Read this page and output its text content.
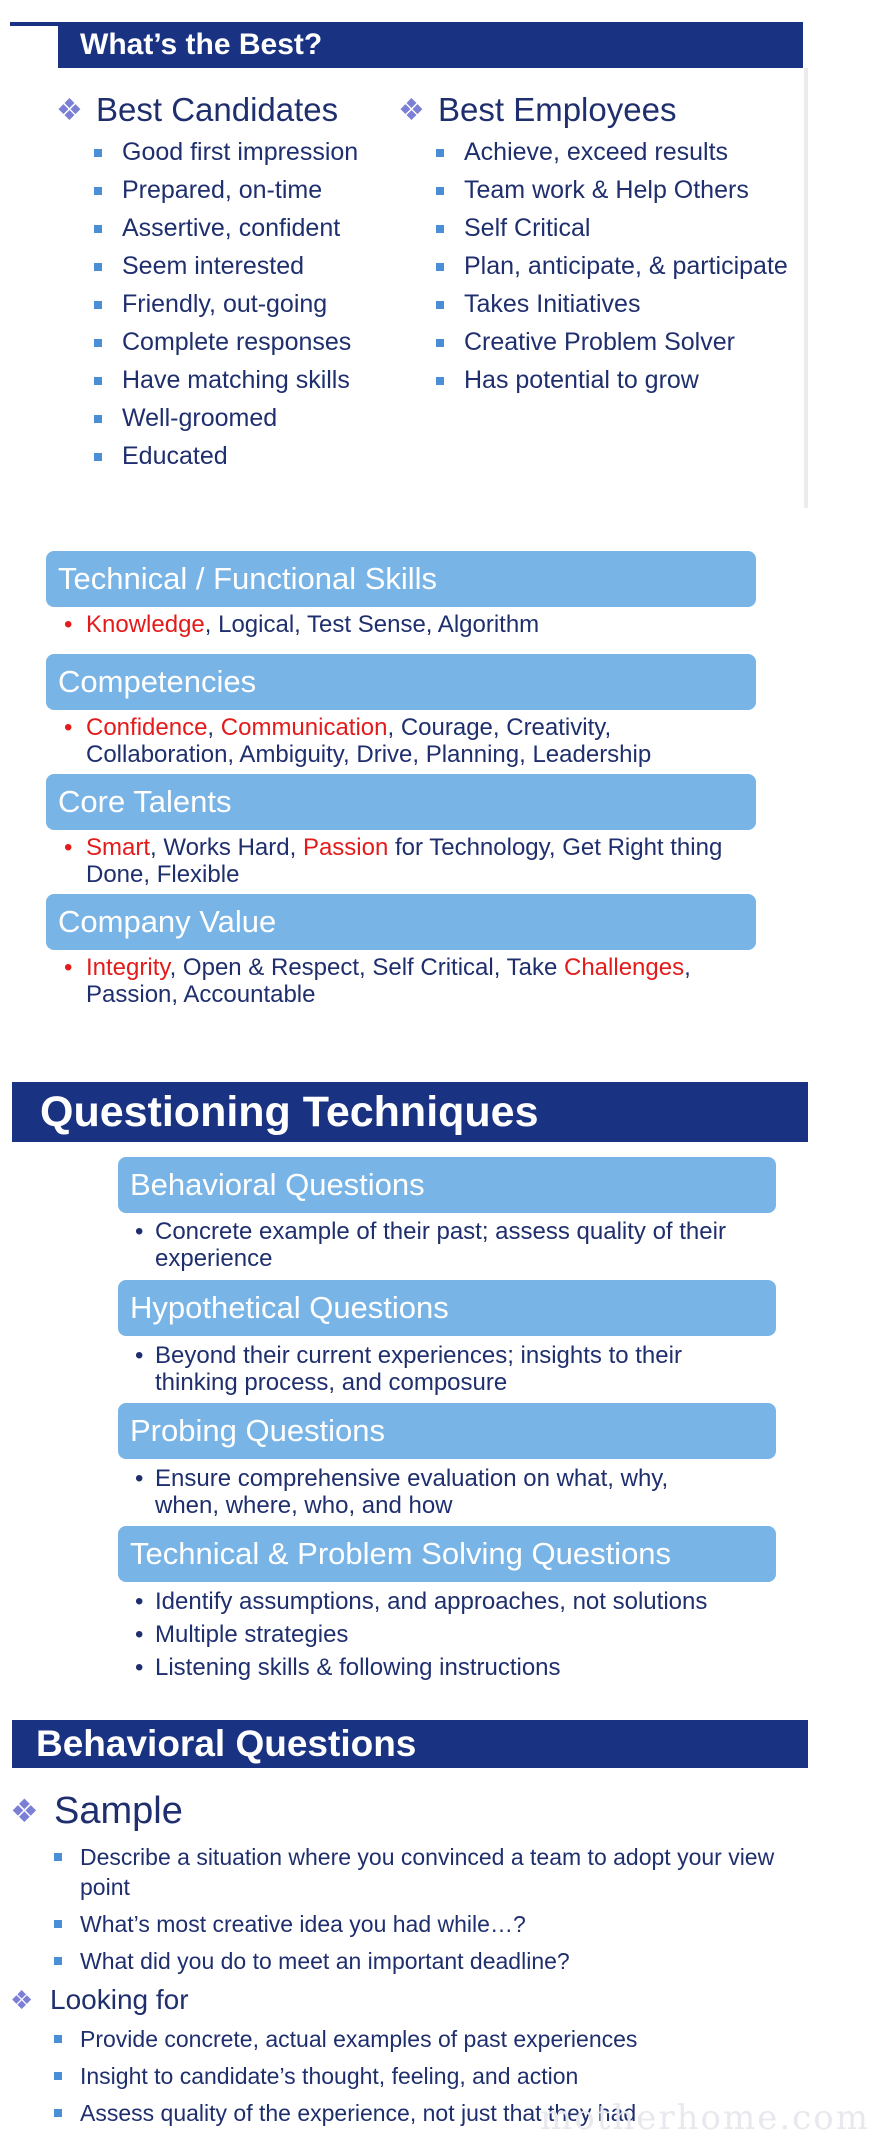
What’s the Best?
❖ Best Candidates
Good first impression
Prepared, on-time
Assertive, confident
Seem interested
Friendly, out-going
Complete responses
Have matching skills
Well-groomed
Educated
❖ Best Employees
Achieve, exceed results
Team work & Help Others
Self Critical
Plan, anticipate, & participate
Takes Initiatives
Creative Problem Solver
Has potential to grow
Technical / Functional Skills
• Knowledge, Logical, Test Sense, Algorithm
Competencies
• Confidence, Communication, Courage, Creativity, Collaboration, Ambiguity, Drive, Planning, Leadership
Core Talents
• Smart, Works Hard, Passion for Technology, Get Right thing Done, Flexible
Company Value
• Integrity, Open & Respect, Self Critical, Take Challenges, Passion, Accountable
Questioning Techniques
Behavioral Questions
• Concrete example of their past; assess quality of their experience
Hypothetical Questions
• Beyond their current experiences; insights to their thinking process, and composure
Probing Questions
• Ensure comprehensive evaluation on what, why, when, where, who, and how
Technical & Problem Solving Questions
• Identify assumptions, and approaches, not solutions
• Multiple strategies
• Listening skills & following instructions
Behavioral Questions
❖ Sample
Describe a situation where you convinced a team to adopt your view point
What’s most creative idea you had while…?
What did you do to meet an important deadline?
❖ Looking for
Provide concrete, actual examples of past experiences
Insight to candidate’s thought, feeling, and action
Assess quality of the experience, not just that they had
motherhome.com
